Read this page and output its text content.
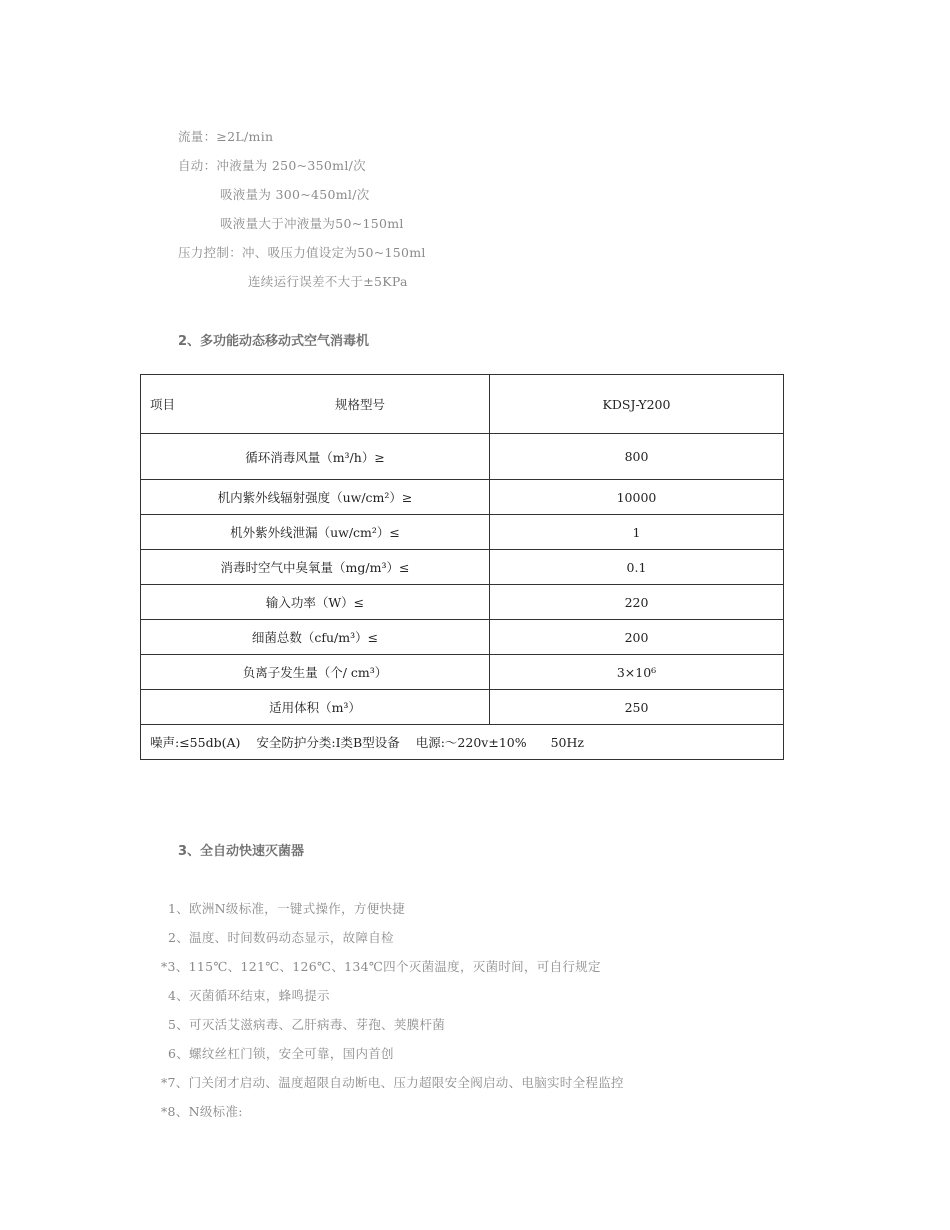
流量：≥2L/min
自动：冲液量为 250~350ml/次
吸液量为 300~450ml/次
吸液量大于冲液量为50~150ml
压力控制：冲、吸压力值设定为50~150ml
连续运行误差不大于±5KPa
2、多功能动态移动式空气消毒机
项目 规格型号	KDSJ-Y200
循环消毒风量（m³/h）≥	800
机内紫外线辐射强度（uw/cm²）≥	10000
机外紫外线泄漏（uw/cm²）≤	1
消毒时空气中臭氧量（mg/m³）≤	0.1
输入功率（W）≤	220
细菌总数（cfu/m³）≤	200
负离子发生量（个/ cm³）	3×10⁶
适用体积（m³）	250
噪声:≤55db(A) 安全防护分类:Ⅰ类B型设备 电源:～220v±10% 50Hz	
3、全自动快速灭菌器
1、欧洲N级标准，一键式操作，方便快捷
2、温度、时间数码动态显示，故障自检
*3、115℃、121℃、126℃、134℃四个灭菌温度，灭菌时间，可自行规定
4、灭菌循环结束，蜂鸣提示
5、可灭活艾滋病毒、乙肝病毒、芽孢、荚膜杆菌
6、螺纹丝杠门锁，安全可靠，国内首创
*7、门关闭才启动、温度超限自动断电、压力超限安全阀启动、电脑实时全程监控
*8、N级标准:
